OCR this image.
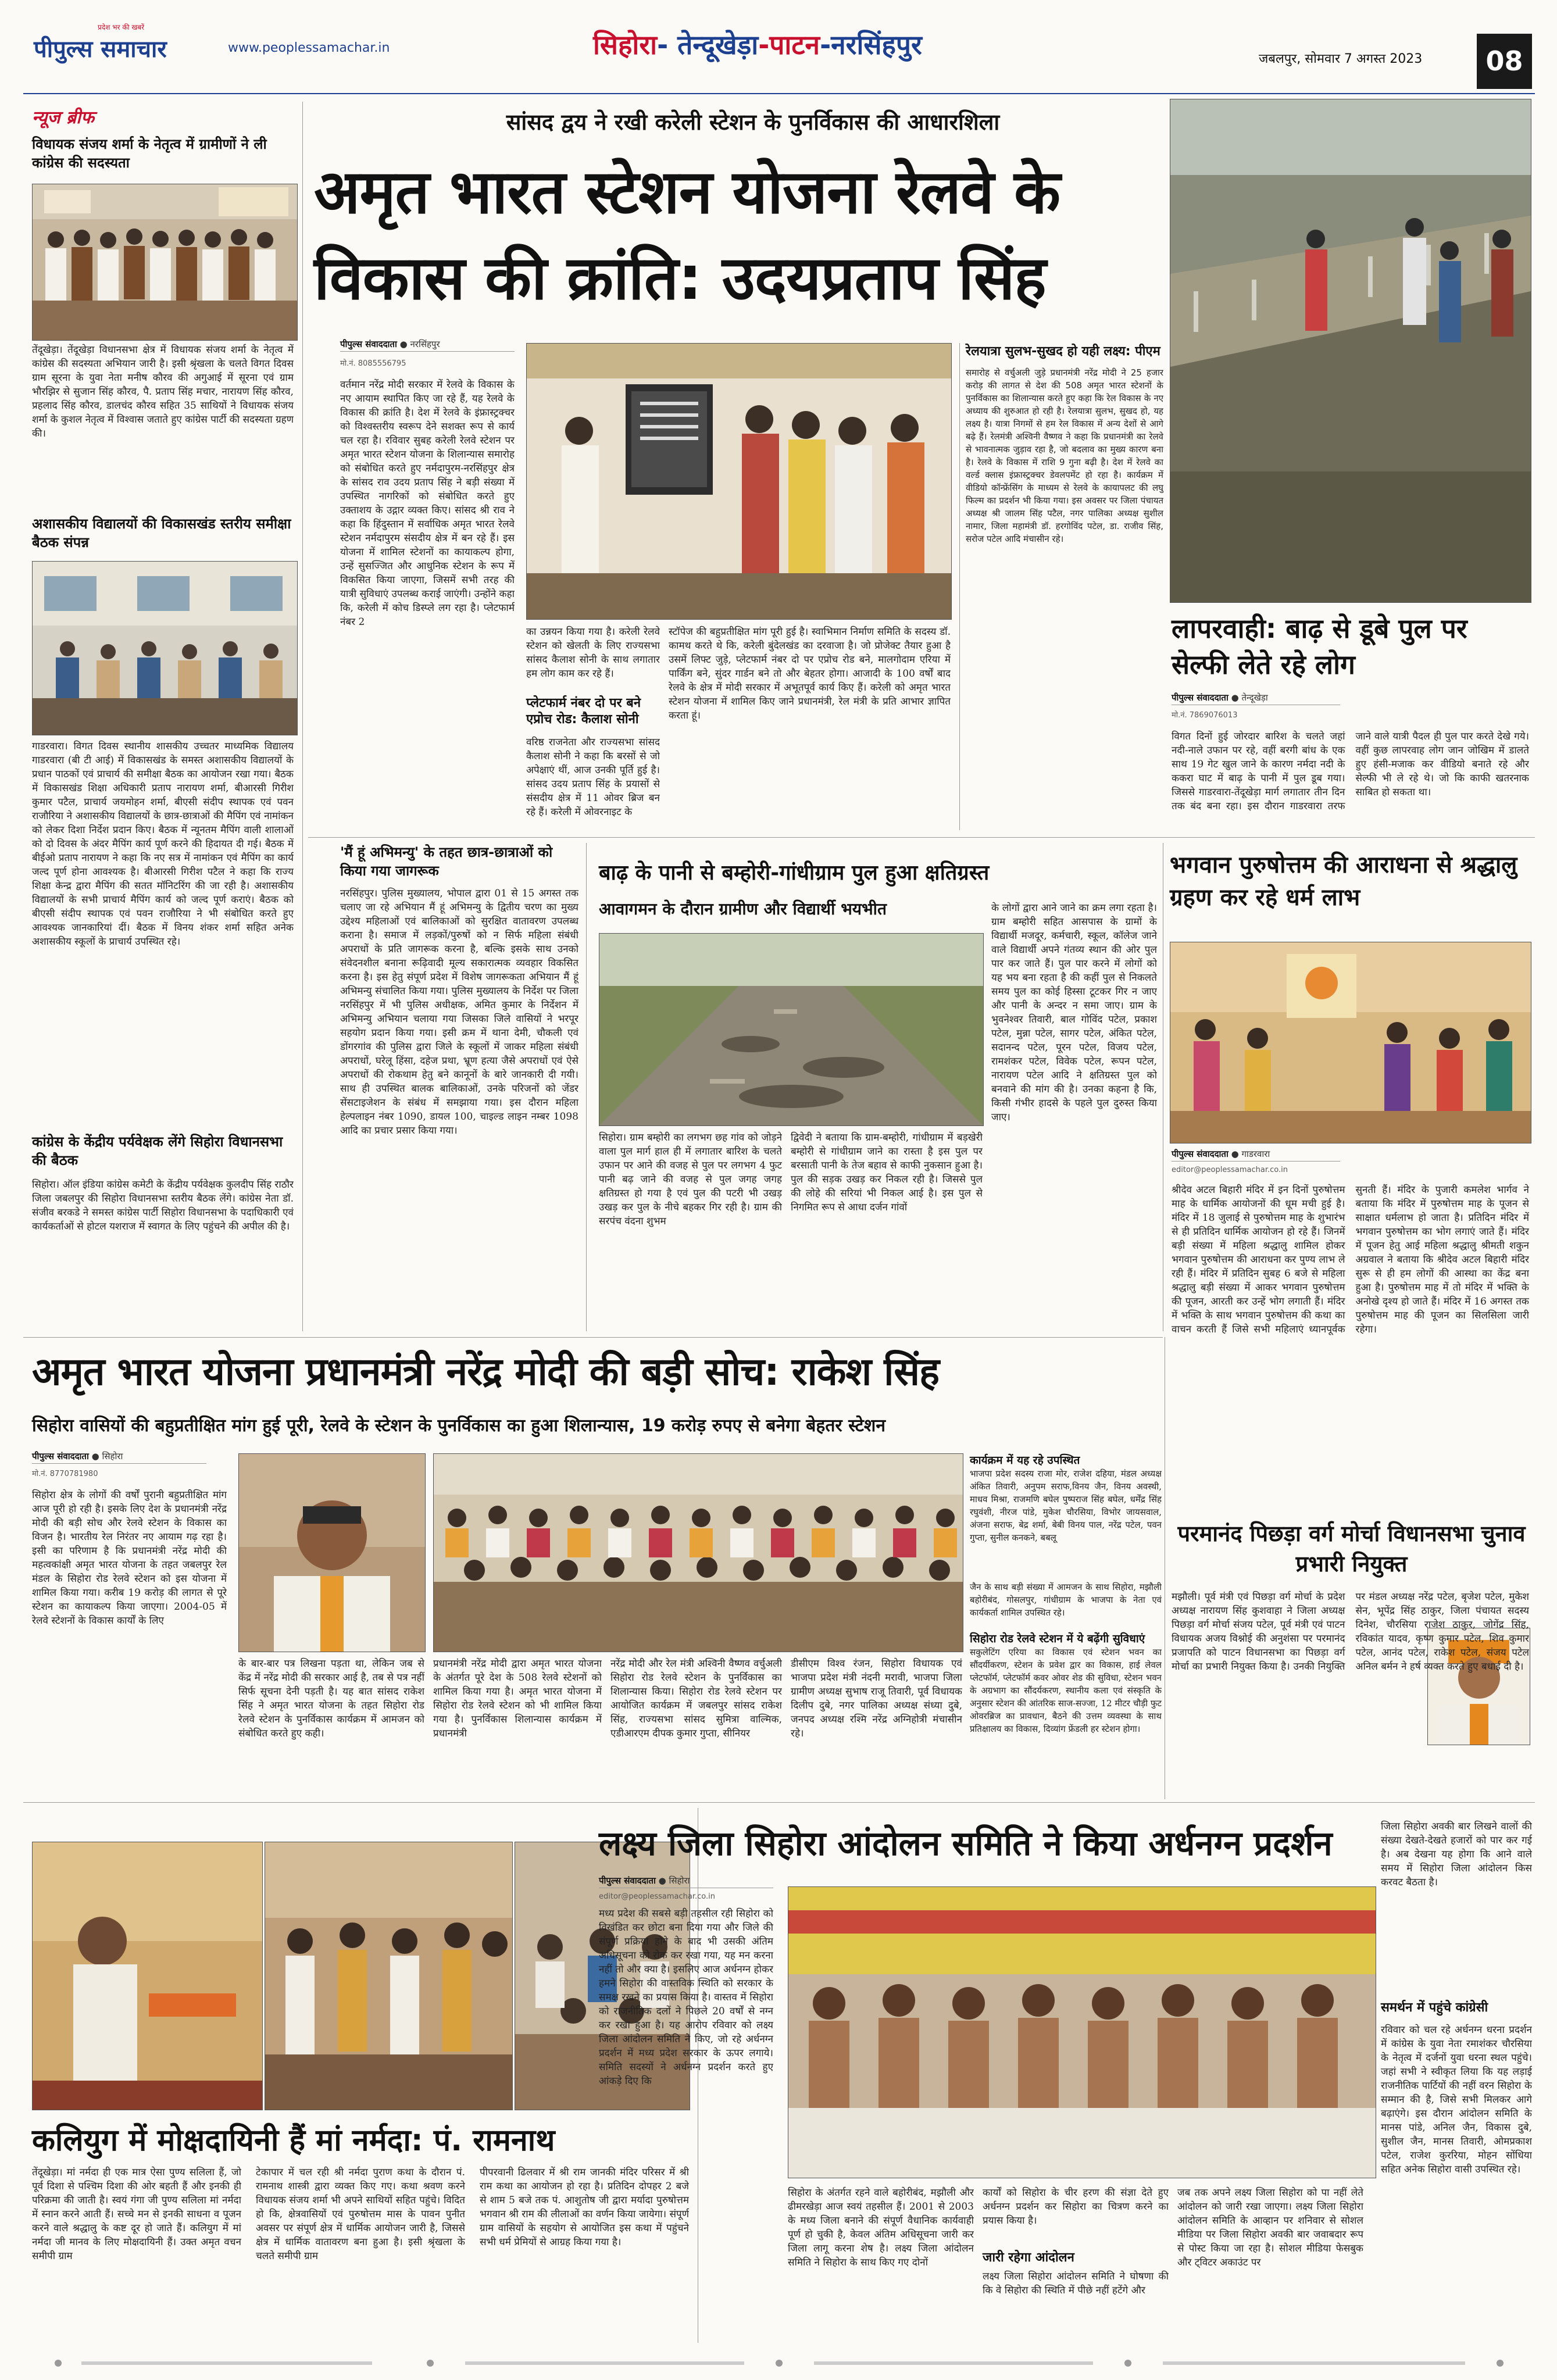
पीपुल्स समाचार
प्रदेश भर की खबरें
www.peoplessamachar.in	सिहोरा- तेन्दूखेड़ा-पाटन-नरसिंहपुर	जबलपुर, सोमवार 7 अगस्त 2023	08
न्यूज ब्रीफ
विधायक संजय शर्मा के नेतृत्व में ग्रामीणों ने ली कांग्रेस की सदस्यता
तेंदूखेड़ा। तेंदूखेड़ा विधानसभा क्षेत्र में विधायक संजय शर्मा के नेतृत्व में कांग्रेस की सदस्यता अभियान जारी है। इसी श्रृंखला के चलते विगत दिवस ग्राम सूरना के युवा नेता मनीष कौरव की अगुआई में सूरना एवं ग्राम भौरझिर से सुजान सिंह कौरव, पै. प्रताप सिंह मचार, नारायण सिंह कौरव, प्रहलाद सिंह कौरव, डालचंद कौरव सहित 35 साथियों ने विधायक संजय शर्मा के कुशल नेतृत्व में विश्वास जताते हुए कांग्रेस पार्टी की सदस्यता ग्रहण की।
अशासकीय विद्यालयों की विकासखंड स्तरीय समीक्षा बैठक संपन्न
गाडरवारा। विगत दिवस स्थानीय शासकीय उच्चतर माध्यमिक विद्यालय गाडरवारा (बी टी आई) में विकासखंड के समस्त अशासकीय विद्यालयों के प्रधान पाठकों एवं प्राचार्य की समीक्षा बैठक का आयोजन रखा गया। बैठक में विकासखंड शिक्षा अधिकारी प्रताप नारायण शर्मा, बीआरसी गिरीश कुमार पटैल, प्राचार्य जयमोहन शर्मा, बीएसी संदीप स्थापक एवं पवन राजौरिया ने अशासकीय विद्यालयों के छात्र-छात्राओं की मैपिंग एवं नामांकन को लेकर दिशा निर्देश प्रदान किए। बैठक में न्यूनतम मैपिंग वाली शालाओं को दो दिवस के अंदर मैपिंग कार्य पूर्ण करने की हिदायत दी गई। बैठक में बीईओ प्रताप नारायण ने कहा कि नए सत्र में नामांकन एवं मैपिंग का कार्य जल्द पूर्ण होना आवश्यक है। बीआरसी गिरीश पटैल ने कहा कि राज्य शिक्षा केन्द्र द्वारा मैपिंग की सतत मॉनिटरिंग की जा रही है। अशासकीय विद्यालयों के सभी प्राचार्य मैपिंग कार्य को जल्द पूर्ण कराएं। बैठक को बीएसी संदीप स्थापक एवं पवन राजौरिया ने भी संबोधित करते हुए आवश्यक जानकारियां दीं। बैठक में विनय शंकर शर्मा सहित अनेक अशासकीय स्कूलों के प्राचार्य उपस्थित रहे।
कांग्रेस के केंद्रीय पर्यवेक्षक लेंगे सिहोरा विधानसभा की बैठक
सिहोरा। ऑल इंडिया कांग्रेस कमेटी के केंद्रीय पर्यवेक्षक कुलदीप सिंह राठौर जिला जबलपुर की सिहोरा विधानसभा स्तरीय बैठक लेंगे। कांग्रेस नेता डॉ. संजीव बरकडे ने समस्त कांग्रेस पार्टी सिहोरा विधानसभा के पदाधिकारी एवं कार्यकर्ताओं से होटल यशराज में स्वागत के लिए पहुंचने की अपील की है।
सांसद द्वय ने रखी करेली स्टेशन के पुनर्विकास की आधारशिला
अमृत भारत स्टेशन योजना रेलवे के
विकास की क्रांति: उदयप्रताप सिंह
पीपुल्स संवाददाता ● नरसिंहपुर
मो.नं. 8085556795
वर्तमान नरेंद्र मोदी सरकार में रेलवे के विकास के नए आयाम स्थापित किए जा रहे हैं, यह रेलवे के विकास की क्रांति है। देश में रेलवे के इंफ्रास्ट्रक्चर को विश्वस्तरीय स्वरूप देने सशक्त रूप से कार्य चल रहा है। रविवार सुबह करेली रेलवे स्टेशन पर अमृत भारत स्टेशन योजना के शिलान्यास समारोह को संबोधित करते हुए नर्मदापुरम-नरसिंहपुर क्षेत्र के सांसद राव उदय प्रताप सिंह ने बड़ी संख्या में उपस्थित नागरिकों को संबोधित करते हुए उक्ताशय के उद्गार व्यक्त किए। सांसद श्री राव ने कहा कि हिंदुस्तान में सर्वाधिक अमृत भारत रेलवे स्टेशन नर्मदापुरम संसदीय क्षेत्र में बन रहे हैं। इस योजना में शामिल स्टेशनों का कायाकल्प होगा, उन्हें सुसज्जित और आधुनिक स्टेशन के रूप में विकसित किया जाएगा, जिसमें सभी तरह की यात्री सुविधाएं उपलब्ध कराई जाएंगी। उन्होंने कहा कि, करेली में कोच डिस्प्ले लग रहा है। प्लेटफार्म नंबर 2
का उन्नयन किया गया है। करेली रेलवे स्टेशन को खेलती के लिए राज्यसभा सांसद कैलाश सोनी के साथ लगातार हम लोग काम कर रहे हैं।
प्लेटफार्म नंबर दो पर बने एप्रोच रोड: कैलाश सोनी
वरिष्ठ राजनेता और राज्यसभा सांसद कैलाश सोनी ने कहा कि बरसों से जो अपेक्षाएं थीं, आज उनकी पूर्ति हुई है। सांसद उदय प्रताप सिंह के प्रयासों से संसदीय क्षेत्र में 11 ओवर ब्रिज बन रहे हैं। करेली में ओवरनाइट के
स्टॉपेज की बहुप्रतीक्षित मांग पूरी हुई है। स्वाभिमान निर्माण समिति के सदस्य डॉ. कामथ करते थे कि, करेली बुंदेलखंड का दरवाजा है। जो प्रोजेक्ट तैयार हुआ है उसमें लिफ्ट जुड़े, प्लेटफार्म नंबर दो पर एप्रोच रोड बने, मालगोदाम एरिया में पार्किंग बने, सुंदर गार्डन बने तो और बेहतर होगा। आजादी के 100 वर्षों बाद रेलवे के क्षेत्र में मोदी सरकार में अभूतपूर्व कार्य किए हैं। करेली को अमृत भारत स्टेशन योजना में शामिल किए जाने प्रधानमंत्री, रेल मंत्री के प्रति आभार ज्ञापित करता हूं।
रेलयात्रा सुलभ-सुखद हो यही लक्ष्य: पीएम
समारोह से वर्चुअली जुड़े प्रधानमंत्री नरेंद्र मोदी ने 25 हजार करोड़ की लागत से देश की 508 अमृत भारत स्टेशनों के पुनर्विकास का शिलान्यास करते हुए कहा कि रेल विकास के नए अध्याय की शुरुआत हो रही है। रेलयात्रा सुलभ, सुखद हो, यह लक्ष्य है। यात्रा निगमों से हम रेल विकास में अन्य देशों से आगे बढ़े हैं। रेलमंत्री अश्विनी वैष्णव ने कहा कि प्रधानमंत्री का रेलवे से भावनात्मक जुड़ाव रहा है, जो बदलाव का मुख्य कारण बना है। रेलवे के विकास में राशि 9 गुना बढ़ी है। देश में रेलवे का वर्ल्ड क्लास इंफ्रास्ट्रक्चर डेवलपमेंट हो रहा है। कार्यक्रम में वीडियो कॉन्फ्रेंसिंग के माध्यम से रेलवे के कायापलट की लघु फिल्म का प्रदर्शन भी किया गया। इस अवसर पर जिला पंचायत अध्यक्ष श्री जालम सिंह पटैल, नगर पालिका अध्यक्ष सुशील नामार, जिला महामंत्री डॉ. हरगोविंद पटेल, डा. राजीव सिंह, सरोज पटेल आदि मंचासीन रहे।
लापरवाही: बाढ़ से डूबे पुल पर सेल्फी लेते रहे लोग
पीपुल्स संवाददाता ● तेन्दूखेड़ा
मो.नं. 7869076013
विगत दिनों हुई जोरदार बारिश के चलते जहां नदी-नाले उफान पर रहे, वहीं बरगी बांध के एक साथ 19 गेट खुल जाने के कारण नर्मदा नदी के ककरा घाट में बाढ़ के पानी में पुल डूब गया। जिससे गाडरवारा-तेंदूखेड़ा मार्ग लगातार तीन दिन तक बंद बना रहा। इस दौरान गाडरवारा तरफ जाने वाले यात्री पैदल ही पुल पार करते देखे गये। वहीं कुछ लापरवाह लोग जान जोखिम में डालते हुए हंसी-मजाक कर वीडियो बनाते रहे और सेल्फी भी ले रहे थे। जो कि काफी खतरनाक साबित हो सकता था।
'मैं हूं अभिमन्यु' के तहत छात्र-छात्राओं को किया गया जागरूक
नरसिंहपुर। पुलिस मुख्यालय, भोपाल द्वारा 01 से 15 अगस्त तक चलाए जा रहे अभियान मैं हूं अभिमन्यु के द्वितीय चरण का मुख्य उद्देश्य महिलाओं एवं बालिकाओं को सुरक्षित वातावरण उपलब्ध कराना है। समाज में लड़कों/पुरुषों को न सिर्फ महिला संबंधी अपराधों के प्रति जागरूक करना है, बल्कि इसके साथ उनको संवेदनशील बनाना रूढ़िवादी मूल्य सकारात्मक व्यवहार विकसित करना है। इस हेतु संपूर्ण प्रदेश में विशेष जागरूकता अभियान मैं हूं अभिमन्यु संचालित किया गया। पुलिस मुख्यालय के निर्देश पर जिला नरसिंहपुर में भी पुलिस अधीक्षक, अमित कुमार के निर्देशन में अभिमन्यु अभियान चलाया गया जिसका जिले वासियों ने भरपूर सहयोग प्रदान किया गया। इसी क्रम में थाना देमी, चौकली एवं डोंगरगांव की पुलिस द्वारा जिले के स्कूलों में जाकर महिला संबंधी अपराधों, घरेलू हिंसा, दहेज प्रथा, भ्रूण हत्या जैसे अपराधों एवं ऐसे अपराधों की रोकथाम हेतु बने कानूनों के बारे जानकारी दी गयी। साथ ही उपस्थित बालक बालिकाओं, उनके परिजनों को जेंडर सेंसटाइजेशन के संबंध में समझाया गया। इस दौरान महिला हेल्पलाइन नंबर 1090, डायल 100, चाइल्ड लाइन नम्बर 1098 आदि का प्रचार प्रसार किया गया।
बाढ़ के पानी से बम्होरी-गांधीग्राम पुल हुआ क्षतिग्रस्त
आवागमन के दौरान ग्रामीण और विद्यार्थी भयभीत
सिहोरा। ग्राम बम्होरी का लगभग छह गांव को जोड़ने वाला पुल मार्ग हाल ही में लगातार बारिश के चलते उफान पर आने की वजह से पुल पर लगभग 4 फुट पानी बढ़ जाने की वजह से पुल जगह जगह क्षतिग्रस्त हो गया है एवं पुल की पटरी भी उखड़ उखड़ कर पुल के नीचे बहकर गिर रही है। ग्राम की सरपंच वंदना शुभम
द्विवेदी ने बताया कि ग्राम-बम्होरी, गांधीग्राम में बड़खेरी बम्होरी से गांधीग्राम जाने का रास्ता है इस पुल पर बरसाती पानी के तेज बहाव से काफी नुकसान हुआ है। पुल की सड़क उखड़ कर निकल रही है। जिससे पुल की लोहे की सरियां भी निकल आई है। इस पुल से निगमित रूप से आधा दर्जन गांवों
के लोगों द्वारा आने जाने का क्रम लगा रहता है। ग्राम बम्होरी सहित आसपास के ग्रामों के विद्यार्थी मजदूर, कर्मचारी, स्कूल, कॉलेज जाने वाले विद्यार्थी अपने गंतव्य स्थान की ओर पुल पार कर जाते हैं। पुल पार करने में लोगों को यह भय बना रहता है की कहीं पुल से निकलते समय पुल का कोई हिस्सा टूटकर गिर न जाए और पानी के अन्दर न समा जाए। ग्राम के भुवनेश्वर तिवारी, बाल गोविंद पटेल, प्रकाश पटेल, मुन्ना पटेल, सागर पटेल, अंकित पटेल, सदानन्द पटेल, पूरन पटेल, विजय पटेल, रामशंकर पटेल, विवेक पटेल, रूपन पटेल, नारायण पटेल आदि ने क्षतिग्रस्त पुल को बनवाने की मांग की है। उनका कहना है कि, किसी गंभीर हादसे के पहले पुल दुरुस्त किया जाए।
भगवान पुरुषोत्तम की आराधना से श्रद्धालु ग्रहण कर रहे धर्म लाभ
पीपुल्स संवाददाता ● गाडरवारा
editor@peoplessamachar.co.in
श्रीदेव अटल बिहारी मंदिर में इन दिनों पुरुषोत्तम माह के धार्मिक आयोजनों की धूम मची हुई है। मंदिर में 18 जुलाई से पुरुषोत्तम माह के शुभारंभ से ही प्रतिदिन धार्मिक आयोजन हो रहे हैं। जिनमें बड़ी संख्या में महिला श्रद्धालु शामिल होकर भगवान पुरुषोत्तम की आराधना कर पुण्य लाभ ले रही हैं। मंदिर में प्रतिदिन सुबह 6 बजे से महिला श्रद्धालु बड़ी संख्या में आकर भगवान पुरुषोत्तम की पूजन, आरती कर उन्हें भोग लगाती हैं। मंदिर में भक्ति के साथ भगवान पुरुषोत्तम की कथा का वाचन करती हैं जिसे सभी महिलाएं ध्यानपूर्वक सुनती हैं। मंदिर के पुजारी कमलेश भार्गव ने बताया कि मंदिर में पुरुषोत्तम माह के पूजन से साक्षात धर्मलाभ हो जाता है। प्रतिदिन मंदिर में भगवान पुरुषोत्तम का भोग लगाएं जाते हैं। मंदिर में पूजन हेतु आई महिला श्रद्धालु श्रीमती शकुन अग्रवाल ने बताया कि श्रीदेव अटल बिहारी मंदिर सुरू से ही हम लोगों की आस्था का केंद्र बना हुआ है। पुरुषोत्तम माह में तो मंदिर में भक्ति के अनोखे दृश्य हो जाते हैं। मंदिर में 16 अगस्त तक पुरुषोत्तम माह की पूजन का सिलसिला जारी रहेगा।
अमृत भारत योजना प्रधानमंत्री नरेंद्र मोदी की बड़ी सोच: राकेश सिंह
सिहोरा वासियों की बहुप्रतीक्षित मांग हुई पूरी, रेलवे के स्टेशन के पुनर्विकास का हुआ शिलान्यास, 19 करोड़ रुपए से बनेगा बेहतर स्टेशन
पीपुल्स संवाददाता ● सिहोरा
मो.नं. 8770781980
सिहोरा क्षेत्र के लोगों की वर्षों पुरानी बहुप्रतीक्षित मांग आज पूरी हो रही है। इसके लिए देश के प्रधानमंत्री नरेंद्र मोदी की बड़ी सोच और रेलवे स्टेशन के विकास का विजन है। भारतीय रेल निरंतर नए आयाम गढ़ रहा है। इसी का परिणाम है कि प्रधानमंत्री नरेंद्र मोदी की महत्वकांक्षी अमृत भारत योजना के तहत जबलपुर रेल मंडल के सिहोरा रोड रेलवे स्टेशन को इस योजना में शामिल किया गया। करीब 19 करोड़ की लागत से पूरे स्टेशन का कायाकल्प किया जाएगा। 2004-05 में रेलवे स्टेशनों के विकास कार्यों के लिए
के बार-बार पत्र लिखना पड़ता था, लेकिन जब से केंद्र में नरेंद्र मोदी की सरकार आई है, तब से पत्र नहीं सिर्फ सूचना देनी पड़ती है। यह बात सांसद राकेश सिंह ने अमृत भारत योजना के तहत सिहोरा रोड रेलवे स्टेशन के पुनर्विकास कार्यक्रम में आमजन को संबोधित करते हुए कही।
प्रधानमंत्री नरेंद्र मोदी द्वारा अमृत भारत योजना के अंतर्गत पूरे देश के 508 रेलवे स्टेशनों को शामिल किया गया है। अमृत भारत योजना में सिहोरा रोड रेलवे स्टेशन को भी शामिल किया गया है। पुनर्विकास शिलान्यास कार्यक्रम में प्रधानमंत्री
नरेंद्र मोदी और रेल मंत्री अश्विनी वैष्णव वर्चुअली सिहोरा रोड रेलवे स्टेशन के पुनर्विकास का शिलान्यास किया। सिहोरा रोड रेलवे स्टेशन पर आयोजित कार्यक्रम में जबलपुर सांसद राकेश सिंह, राज्यसभा सांसद सुमित्रा वाल्मिक, एडीआरएम दीपक कुमार गुप्ता, सीनियर
डीसीएम विश्व रंजन, सिहोरा विधायक एवं भाजपा प्रदेश मंत्री नंदनी मरावी, भाजपा जिला ग्रामीण अध्यक्ष सुभाष राजू तिवारी, पूर्व विधायक दिलीप दुबे, नगर पालिका अध्यक्ष संध्या दुबे, जनपद अध्यक्ष रश्मि नरेंद्र अग्निहोत्री मंचासीन रहे।
कार्यक्रम में यह रहे उपस्थित
भाजपा प्रदेश सदस्य राजा मोर, राजेश दहिया, मंडल अध्यक्ष अंकित तिवारी, अनुपम सराफ,विनय जैन, विनय अवस्थी, माधव मिश्रा, राजमणि बघेल पुष्पराज सिंह बघेल, धर्मेंद्र सिंह रघुवंशी, नीरज पांडे, मुकेश चौरसिया, विभोर जायसवाल, अंजना सराफ, बेद्र शर्मा, बेबी विनय पाल, नरेंद्र पटेल, पवन गुप्ता, सुनील कनकने, बबलू
जैन के साथ बड़ी संख्या में आमजन के साथ सिहोरा, मझौली बहोरीबंद, गोसलपुर, गांधीग्राम के भाजपा के नेता एवं कार्यकर्ता शामिल उपस्थित रहे।
सिहोरा रोड रेलवे स्टेशन में ये बढ़ेंगी सुविधाएं
सकुलेटिंग एरिया का विकास एवं स्टेशन भवन का सौंदर्यीकरण, स्टेशन के प्रवेश द्वार का विकास, हाई लेवल प्लेटफॉर्म, प्लेटफॉर्म कवर ओवर शेड की सुविधा, स्टेशन भवन के अग्रभाग का सौंदर्यकरण, स्थानीय कला एवं संस्कृति के अनुसार स्टेशन की आंतरिक साज-सज्जा, 12 मीटर चौड़ी फुट ओवरब्रिज का प्रावधान, बैठने की उत्तम व्यवस्था के साथ प्रतिक्षालय का विकास, दिव्यांग फ्रेंडली हर स्टेशन होगा।
परमानंद पिछड़ा वर्ग मोर्चा विधानसभा चुनाव प्रभारी नियुक्त
मझौली। पूर्व मंत्री एवं पिछड़ा वर्ग मोर्चा के प्रदेश अध्यक्ष नारायण सिंह कुशवाहा ने जिला अध्यक्ष पिछड़ा वर्ग मोर्चा संजय पटेल, पूर्व मंत्री एवं पाटन विधायक अजय विश्नोई की अनुशंसा पर परमानंद प्रजापति को पाटन विधानसभा का पिछड़ा वर्ग मोर्चा का प्रभारी नियुक्त किया है। उनकी नियुक्ति पर मंडल अध्यक्ष नरेंद्र पटेल, बृजेश पटेल, मुकेश सेन, भूपेंद्र सिंह ठाकुर, जिला पंचायत सदस्य दिनेश, चौरसिया राजेश ठाकुर, जोगेंद्र सिंह, रविकांत यादव, कृष्ण कुमार पटेल, शिव कुमार पटेल, आनंद पटेल, राकेश पटेल, संजय पटेल अनिल बर्मन ने हर्ष व्यक्त करते हुए बधाई दी है।
कलियुग में मोक्षदायिनी हैं मां नर्मदा: पं. रामनाथ
तेंदूखेड़ा। मां नर्मदा ही एक मात्र ऐसा पुण्य सलिला हैं, जो पूर्व दिशा से पश्चिम दिशा की ओर बहती हैं और इनकी ही परिक्रमा की जाती है। स्वयं गंगा जी पुण्य सलिला मां नर्मदा में स्नान करने आती हैं। सच्चे मन से इनकी साधना व पूजन करने वाले श्रद्धालु के कष्ट दूर हो जाते हैं। कलियुग में मां नर्मदा जी मानव के लिए मोक्षदायिनी हैं। उक्त अमृत वचन समीपी ग्राम
टेकापार में चल रही श्री नर्मदा पुराण कथा के दौरान पं. रामनाथ शास्त्री द्वारा व्यक्त किए गए। कथा श्रवण करने विधायक संजय शर्मा भी अपने साथियों सहित पहुंचे। विदित हो कि, क्षेत्रवासियों एवं पुरुषोत्तम मास के पावन पुनीत अवसर पर संपूर्ण क्षेत्र में धार्मिक आयोजन जारी है, जिससे क्षेत्र में धार्मिक वातावरण बना हुआ है। इसी श्रृंखला के चलते समीपी ग्राम
पीपरवानी ढिलवार में श्री राम जानकी मंदिर परिसर में श्री राम कथा का आयोजन हो रहा है। प्रतिदिन दोपहर 2 बजे से शाम 5 बजे तक पं. आशुतोष जी द्वारा मर्यादा पुरुषोत्तम भगवान श्री राम की लीलाओं का वर्णन किया जायेगा। संपूर्ण ग्राम वासियों के सहयोग से आयोजित इस कथा में पहुंचने सभी धर्म प्रेमियों से आग्रह किया गया है।
लक्ष्य जिला सिहोरा आंदोलन समिति ने किया अर्धनग्न प्रदर्शन
पीपुल्स संवाददाता ● सिहोरा
editor@peoplessamachar.co.in
मध्य प्रदेश की सबसे बड़ी तहसील रही सिहोरा को विखंडित कर छोटा बना दिया गया और जिले की संपूर्ण प्रक्रिया होने के बाद भी उसकी अंतिम अधिसूचना को रोक कर रखा गया, यह मन करना नहीं तो और क्या है। इसलिए आज अर्धनग्न होकर हमने सिहोरा की वास्तविक स्थिति को सरकार के समक्ष रखने का प्रयास किया है। वास्तव में सिहोरा को राजनीतिक दलों ने पिछले 20 वर्षों से नग्न कर रखा हुआ है। यह आरोप रविवार को लक्ष्य जिला आंदोलन समिति ने किए, जो रहे अर्धनग्न प्रदर्शन में मध्य प्रदेश सरकार के ऊपर लगाये। समिति सदस्यों ने अर्धनग्न प्रदर्शन करते हुए आंकड़े दिए कि
सिहोरा के अंतर्गत रहने वाले बहोरीबंद, मझौली और ढीमरखेड़ा आज स्वयं तहसील हैं। 2001 से 2003 के मध्य जिला बनाने की संपूर्ण वैधानिक कार्यवाही पूर्ण हो चुकी है, केवल अंतिम अधिसूचना जारी कर जिला लागू करना शेष है। लक्ष्य जिला आंदोलन समिति ने सिहोरा के साथ किए गए दोनों
कार्यों को सिहोरा के चीर हरण की संज्ञा देते हुए अर्धनग्न प्रदर्शन कर सिहोरा का चित्रण करने का प्रयास किया है।
जारी रहेगा आंदोलन
लक्ष्य जिला सिहोरा आंदोलन समिति ने घोषणा की कि वे सिहोरा की स्थिति में पीछे नहीं हटेंगे और
जब तक अपने लक्ष्य जिला सिहोरा को पा नहीं लेते आंदोलन को जारी रखा जाएगा। लक्ष्य जिला सिहोरा आंदोलन समिति के आव्हान पर शनिवार से सोशल मीडिया पर जिला सिहोरा अवकी बार जवाबदार रूप से पोस्ट किया जा रहा है। सोशल मीडिया फेसबुक और ट्विटर अकाउंट पर
जिला सिहोरा अवकी बार लिखने वालों की संख्या देखते-देखते हजारों को पार कर गई है। अब देखना यह होगा कि आने वाले समय में सिहोरा जिला आंदोलन किस करवट बैठता है।
समर्थन में पहुंचे कांग्रेसी
रविवार को चल रहे अर्धनग्न धरना प्रदर्शन में कांग्रेस के युवा नेता रमाशंकर चौरसिया के नेतृत्व में दर्जनों युवा धरना स्थल पहुंचे। जहां सभी ने स्वीकृत लिया कि यह लड़ाई राजनीतिक पार्टियों की नहीं वरन सिहोरा के सम्मान की है, जिसे सभी मिलकर आगे बढ़ाएंगे। इस दौरान आंदोलन समिति के मानस पांडे, अनिल जैन, विकास दुबे, सुशील जैन, मानस तिवारी, ओमप्रकाश पटेल, राजेश कुररिया, मोहन सोंधिया सहित अनेक सिहोरा वासी उपस्थित रहे।
